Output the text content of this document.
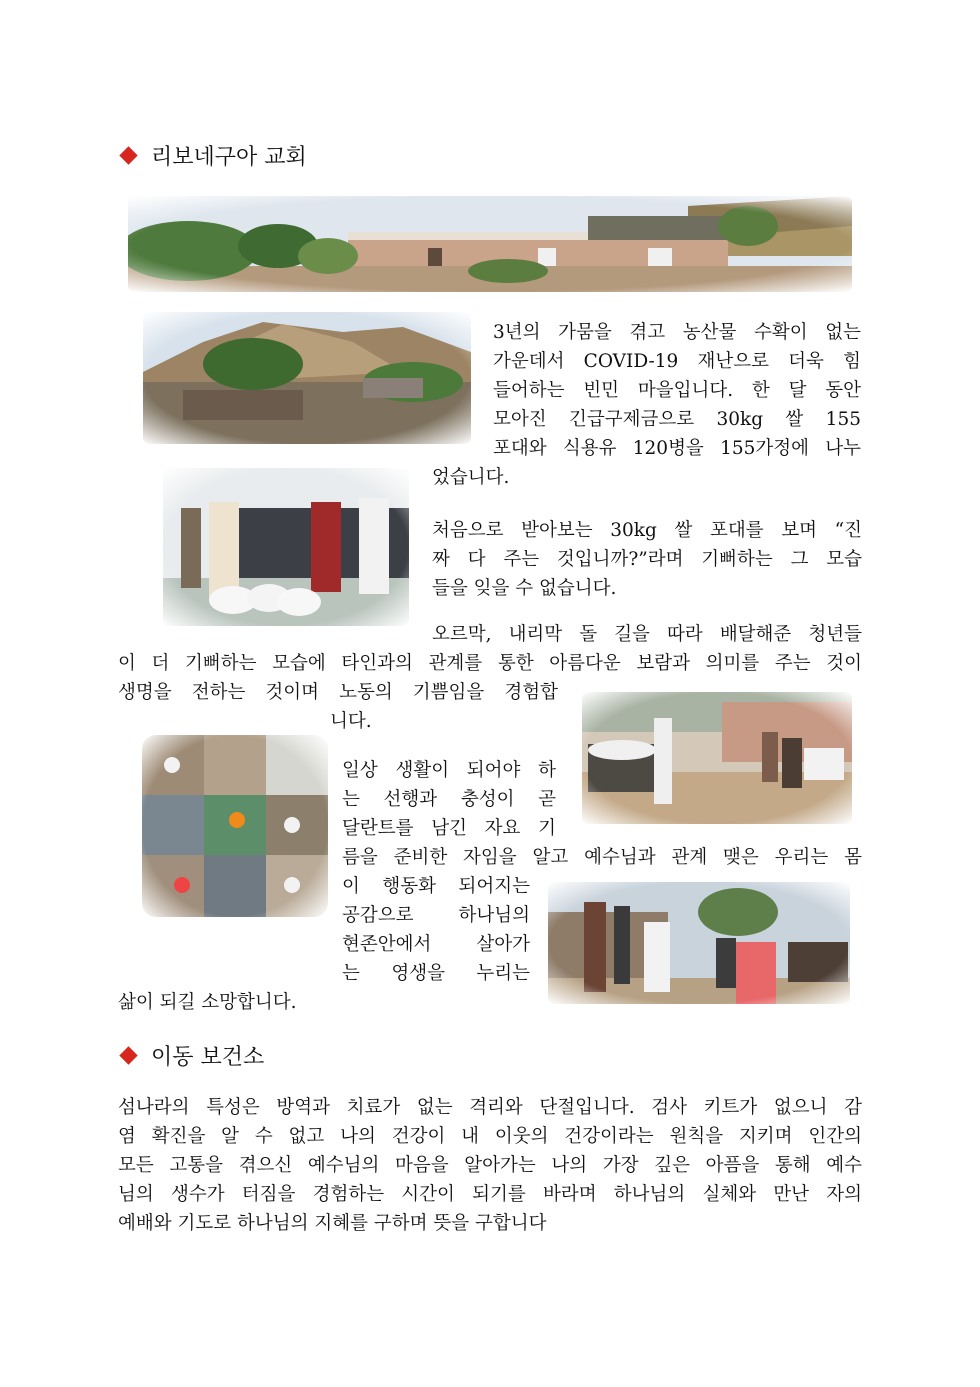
리보네구아 교회

3년의 가뭄을 겪고 농산물 수확이 없는

가운데서 COVID-19 재난으로 더욱 힘

들어하는 빈민 마을입니다. 한 달 동안

모아진 긴급구제금으로 30kg 쌀 155

포대와 식용유 120병을 155가정에 나누

었습니다.

처음으로 받아보는 30kg 쌀 포대를 보며 “진

짜 다 주는 것입니까?”라며 기뻐하는 그 모습

들을 잊을 수 없습니다.

오르막, 내리막 돌 길을 따라 배달해준 청년들

이 더 기뻐하는 모습에 타인과의 관계를 통한 아름다운 보람과 의미를 주는 것이

생명을 전하는 것이며 노동의 기쁨임을 경험합

니다.

일상 생활이 되어야 하

는 선행과 충성이 곧

달란트를 남긴 자요 기

름을 준비한 자임을 알고 예수님과 관계 맺은 우리는 몸

이 행동화 되어지는

공감으로 하나님의

현존안에서 살아가

는 영생을 누리는

삶이 되길 소망합니다.
이동 보건소

섬나라의 특성은 방역과 치료가 없는 격리와 단절입니다. 검사 키트가 없으니 감

염 확진을 알 수 없고 나의 건강이 내 이웃의 건강이라는 원칙을 지키며 인간의

모든 고통을 겪으신 예수님의 마음을 알아가는 나의 가장 깊은 아픔을 통해 예수

님의 생수가 터짐을 경험하는 시간이 되기를 바라며 하나님의 실체와 만난 자의

예배와 기도로 하나님의 지혜를 구하며 뜻을 구합니다
